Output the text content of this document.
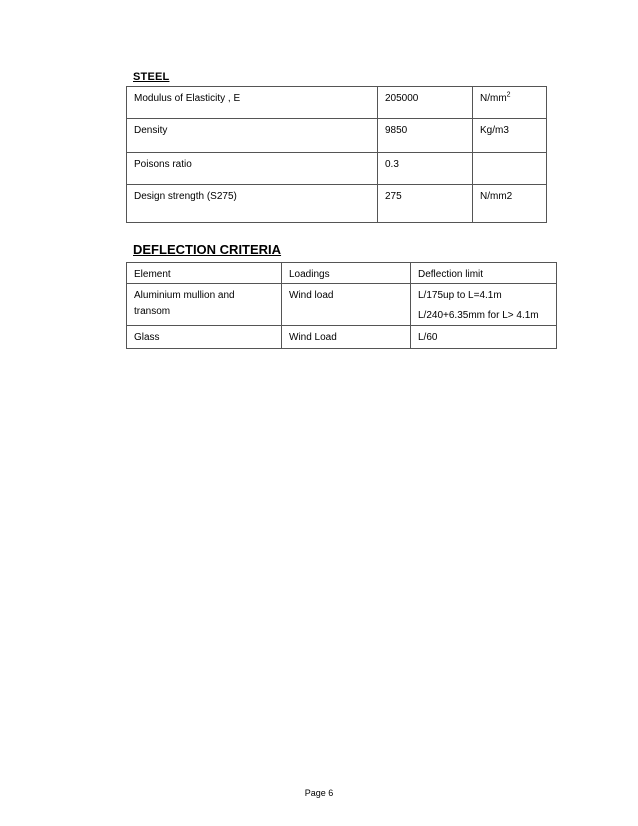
STEEL
Modulus of Elasticity , E	205000	$N/mm^2$
Density	9850	Kg/m3
Poisons ratio	0.3	
Design strength (S275)	275	N/mm2
DEFLECTION CRITERIA
Element	Loadings	Deflection limit

Aluminium mullion and
transom	Wind load	L/175up to L=4.1m
L/240+6.35mm for L> 4.1m

Glass	Wind Load	L/60
Page 6
